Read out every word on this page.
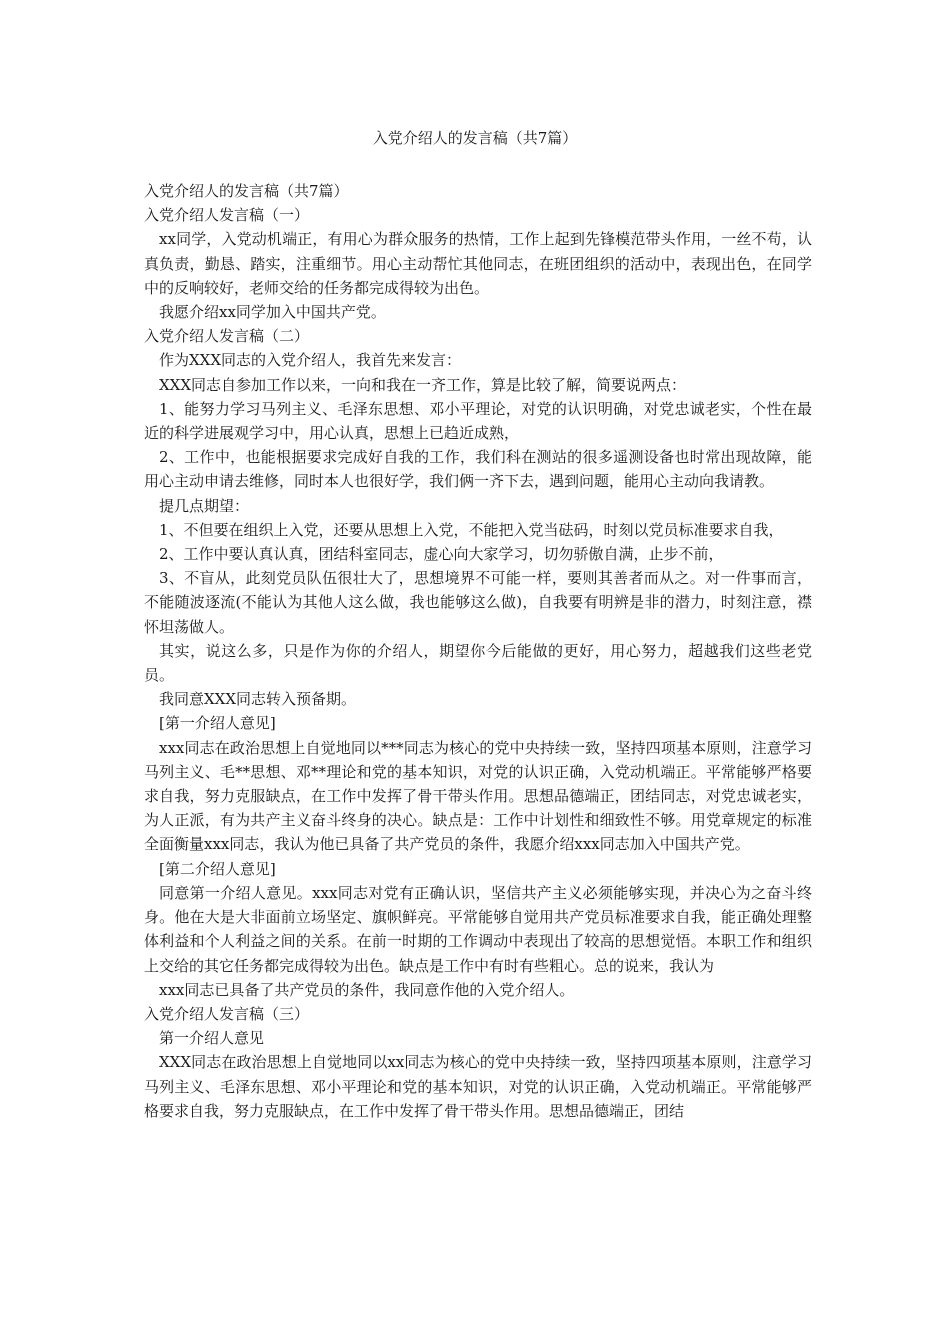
入党介绍人的发言稿（共7篇）

入党介绍人的发言稿（共7篇）

入党介绍人发言稿（一）

xx同学，入党动机端正，有用心为群众服务的热情，工作上起到先锋模范带头作用，一丝不苟，认真负责，勤恳、踏实，注重细节。用心主动帮忙其他同志，在班团组织的活动中，表现出色，在同学中的反响较好，老师交给的任务都完成得较为出色。

我愿介绍xx同学加入中国共产党。

入党介绍人发言稿（二）

作为XXX同志的入党介绍人，我首先来发言：

XXX同志自参加工作以来，一向和我在一齐工作，算是比较了解，简要说两点：

1、能努力学习马列主义、毛泽东思想、邓小平理论，对党的认识明确，对党忠诚老实，个性在最近的科学进展观学习中，用心认真，思想上已趋近成熟，

2、工作中，也能根据要求完成好自我的工作，我们科在测站的很多遥测设备也时常出现故障，能用心主动申请去维修，同时本人也很好学，我们俩一齐下去，遇到问题，能用心主动向我请教。

提几点期望：

1、不但要在组织上入党，还要从思想上入党，不能把入党当砝码，时刻以党员标准要求自我，

2、工作中要认真认真，团结科室同志，虚心向大家学习，切勿骄傲自满，止步不前，

3、不盲从，此刻党员队伍很壮大了，思想境界不可能一样，要则其善者而从之。对一件事而言，不能随波逐流(不能认为其他人这么做，我也能够这么做)，自我要有明辨是非的潜力，时刻注意，襟怀坦荡做人。

其实，说这么多，只是作为你的介绍人，期望你今后能做的更好，用心努力，超越我们这些老党员。

我同意XXX同志转入预备期。

[第一介绍人意见]

xxx同志在政治思想上自觉地同以***同志为核心的党中央持续一致，坚持四项基本原则，注意学习马列主义、毛**思想、邓**理论和党的基本知识，对党的认识正确，入党动机端正。平常能够严格要求自我，努力克服缺点，在工作中发挥了骨干带头作用。思想品德端正，团结同志，对党忠诚老实，为人正派，有为共产主义奋斗终身的决心。缺点是：工作中计划性和细致性不够。用党章规定的标准全面衡量xxx同志，我认为他已具备了共产党员的条件，我愿介绍xxx同志加入中国共产党。

[第二介绍人意见]

同意第一介绍人意见。xxx同志对党有正确认识，坚信共产主义必须能够实现，并决心为之奋斗终身。他在大是大非面前立场坚定、旗帜鲜亮。平常能够自觉用共产党员标准要求自我，能正确处理整体利益和个人利益之间的关系。在前一时期的工作调动中表现出了较高的思想觉悟。本职工作和组织上交给的其它任务都完成得较为出色。缺点是工作中有时有些粗心。总的说来，我认为

xxx同志已具备了共产党员的条件，我同意作他的入党介绍人。

入党介绍人发言稿（三）

第一介绍人意见

XXX同志在政治思想上自觉地同以xx同志为核心的党中央持续一致，坚持四项基本原则，注意学习马列主义、毛泽东思想、邓小平理论和党的基本知识，对党的认识正确，入党动机端正。平常能够严格要求自我，努力克服缺点，在工作中发挥了骨干带头作用。思想品德端正，团结
